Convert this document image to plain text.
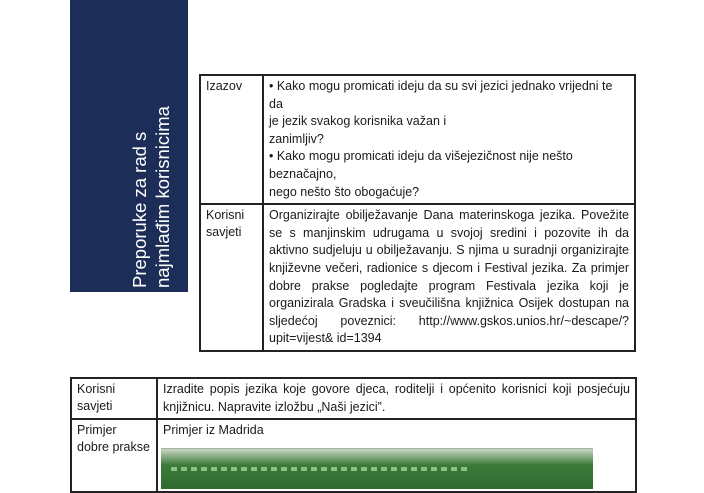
Preporuke za rad s najmlađim korisnicima
Izazov	• Kako mogu promicati ideju da su svi jezici jednako vrijedni te da
je jezik svakog korisnika važan i
zanimljiv?
• Kako mogu promicati ideju da višejezičnost nije nešto beznačajno,
nego nešto što obogaćuje?

Korisni
savjeti	Organizirajte obilježavanje Dana materinskoga jezika. Povežite se s manjinskim udrugama u svojoj sredini i pozovite ih da aktivno sudjeluju u obilježavanju. S njima u suradnji organizirajte književne večeri, radionice s djecom i Festival jezika. Za primjer dobre prakse pogledajte program Festivala jezika koji je organizirala Gradska i sveučilišna knjižnica Osijek dostupan na sljedećoj poveznici: http://www.gskos.unios.hr/~descape/?upit=vijest& id=1394
Korisni
savjeti	Izradite popis jezika koje govore djeca, roditelji i općenito korisnici koji posjećuju knjižnicu. Napravite izložbu „Naši jezici”.

Primjer
dobre prakse	Primjer iz Madrida
